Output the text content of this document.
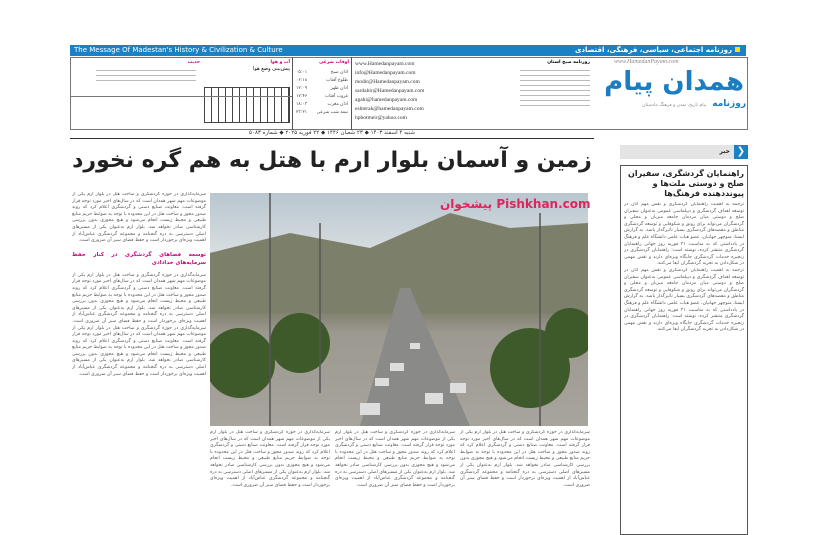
The Message Of Madestan's History & Civilization & Culture	روزنامه اجتماعی، سیاسی، فرهنگی، اقتصادی
www.HamedanPayam.com
همدان پیام
روزنامه
پیام تاریخ، تمدن و فرهنگ مادستان
روزنامه صبح استان
www.Hamedanpayam.com
info@Hamedanpayam.com
modir@Hamedanpayam.com
sardabir@Hamedanpayam.com
agahi@hamedanpayam.com
eshterak@hamedanpayam.com
hpbotmeir@yahoo.com
اوقات شرعی
اذان صبح
۰۵:۰۱
طلوع آفتاب
۰۶:۱۸
اذان ظهر
۱۲:۰۹
غروب آفتاب
۱۷:۴۶
اذان مغرب
۱۸:۰۳
نیمه شب شرعی
۲۳:۲۱
آب و هوا
پیش‌بینی وضع هوا
حدیث
شنبه ۴ اسفند ۱۴۰۳ ◆ ۲۳ شعبان ۱۴۴۶ ◆ ۲۲ فوریه ۲۰۲۵ ◆ شماره ۵۰۸۳
زمین و آسمان بلوار ارم با هتل به هم گره نخورد
پیشخوان Pishkhan.com
سرمایه‌گذاری در حوزه گردشگری و ساخت هتل در بلوار ارم یکی از موضوعات مهم شهر همدان است که در سال‌های اخیر مورد توجه قرار گرفته است. معاونت صنایع دستی و گردشگری اعلام کرد که روند صدور مجوز و ساخت هتل در این محدوده با توجه به ضوابط حریم منابع طبیعی و محیط زیست انجام می‌شود و هیچ مجوزی بدون بررسی کارشناسی صادر نخواهد شد. بلوار ارم به‌عنوان یکی از مسیرهای اصلی دسترسی به دره گنجنامه و مجموعه گردشگری عباس‌آباد از اهمیت ویژه‌ای برخوردار است و حفظ فضای سبز آن ضروری است.
توسعه فضاهای گردشگری در کنار حفظ سرمایه‌های خدادادی
سرمایه‌گذاری در حوزه گردشگری و ساخت هتل در بلوار ارم یکی از موضوعات مهم شهر همدان است که در سال‌های اخیر مورد توجه قرار گرفته است. معاونت صنایع دستی و گردشگری اعلام کرد که روند صدور مجوز و ساخت هتل در این محدوده با توجه به ضوابط حریم منابع طبیعی و محیط زیست انجام می‌شود و هیچ مجوزی بدون بررسی کارشناسی صادر نخواهد شد. بلوار ارم به‌عنوان یکی از مسیرهای اصلی دسترسی به دره گنجنامه و مجموعه گردشگری عباس‌آباد از اهمیت ویژه‌ای برخوردار است و حفظ فضای سبز آن ضروری است. سرمایه‌گذاری در حوزه گردشگری و ساخت هتل در بلوار ارم یکی از موضوعات مهم شهر همدان است که در سال‌های اخیر مورد توجه قرار گرفته است. معاونت صنایع دستی و گردشگری اعلام کرد که روند صدور مجوز و ساخت هتل در این محدوده با توجه به ضوابط حریم منابع طبیعی و محیط زیست انجام می‌شود و هیچ مجوزی بدون بررسی کارشناسی صادر نخواهد شد. بلوار ارم به‌عنوان یکی از مسیرهای اصلی دسترسی به دره گنجنامه و مجموعه گردشگری عباس‌آباد از اهمیت ویژه‌ای برخوردار است و حفظ فضای سبز آن ضروری است.
سرمایه‌گذاری در حوزه گردشگری و ساخت هتل در بلوار ارم یکی از موضوعات مهم شهر همدان است که در سال‌های اخیر مورد توجه قرار گرفته است. معاونت صنایع دستی و گردشگری اعلام کرد که روند صدور مجوز و ساخت هتل در این محدوده با توجه به ضوابط حریم منابع طبیعی و محیط زیست انجام می‌شود و هیچ مجوزی بدون بررسی کارشناسی صادر نخواهد شد. بلوار ارم به‌عنوان یکی از مسیرهای اصلی دسترسی به دره گنجنامه و مجموعه گردشگری عباس‌آباد از اهمیت ویژه‌ای برخوردار است و حفظ فضای سبز آن ضروری است.
سرمایه‌گذاری در حوزه گردشگری و ساخت هتل در بلوار ارم یکی از موضوعات مهم شهر همدان است که در سال‌های اخیر مورد توجه قرار گرفته است. معاونت صنایع دستی و گردشگری اعلام کرد که روند صدور مجوز و ساخت هتل در این محدوده با توجه به ضوابط حریم منابع طبیعی و محیط زیست انجام می‌شود و هیچ مجوزی بدون بررسی کارشناسی صادر نخواهد شد. بلوار ارم به‌عنوان یکی از مسیرهای اصلی دسترسی به دره گنجنامه و مجموعه گردشگری عباس‌آباد از اهمیت ویژه‌ای برخوردار است و حفظ فضای سبز آن ضروری است.
سرمایه‌گذاری در حوزه گردشگری و ساخت هتل در بلوار ارم یکی از موضوعات مهم شهر همدان است که در سال‌های اخیر مورد توجه قرار گرفته است. معاونت صنایع دستی و گردشگری اعلام کرد که روند صدور مجوز و ساخت هتل در این محدوده با توجه به ضوابط حریم منابع طبیعی و محیط زیست انجام می‌شود و هیچ مجوزی بدون بررسی کارشناسی صادر نخواهد شد. بلوار ارم به‌عنوان یکی از مسیرهای اصلی دسترسی به دره گنجنامه و مجموعه گردشگری عباس‌آباد از اهمیت ویژه‌ای برخوردار است و حفظ فضای سبز آن ضروری است.
❮
خبر
راهنمایان گردشگری، سفیران صلح و دوستی ملت‌ها و پیونددهنده فرهنگ‌ها
ترجمه به اهمیت راهنمایان گردشگری و نقش مهم آنان در توسعه اهداف گردشگری و دیپلماسی عمومی به‌عنوان سفیران صلح و دوستی میان مردمان جامعه میزبان و محلی و گردشگران می‌تواند برای رونق و شکوفایی و توسعه گردشگری مناطق و مقصدهای گردشگری بسیار تاثیرگذار باشد. به گزارش ایسنا، منوچهر جهانیان، عضو هیات علمی دانشگاه علم و فرهنگ در یادداشتی که به مناسبت ۲۱ فوریه روز جهانی راهنمایان گردشگری منتشر کرده، نوشته است: راهنمایان گردشگری در زنجیره خدمات گردشگری جایگاه ویژه‌ای دارند و نقش مهمی در شکل‌دادن به تجربه گردشگران ایفا می‌کنند.
ترجمه به اهمیت راهنمایان گردشگری و نقش مهم آنان در توسعه اهداف گردشگری و دیپلماسی عمومی به‌عنوان سفیران صلح و دوستی میان مردمان جامعه میزبان و محلی و گردشگران می‌تواند برای رونق و شکوفایی و توسعه گردشگری مناطق و مقصدهای گردشگری بسیار تاثیرگذار باشد. به گزارش ایسنا، منوچهر جهانیان، عضو هیات علمی دانشگاه علم و فرهنگ در یادداشتی که به مناسبت ۲۱ فوریه روز جهانی راهنمایان گردشگری منتشر کرده، نوشته است: راهنمایان گردشگری در زنجیره خدمات گردشگری جایگاه ویژه‌ای دارند و نقش مهمی در شکل‌دادن به تجربه گردشگران ایفا می‌کنند.
